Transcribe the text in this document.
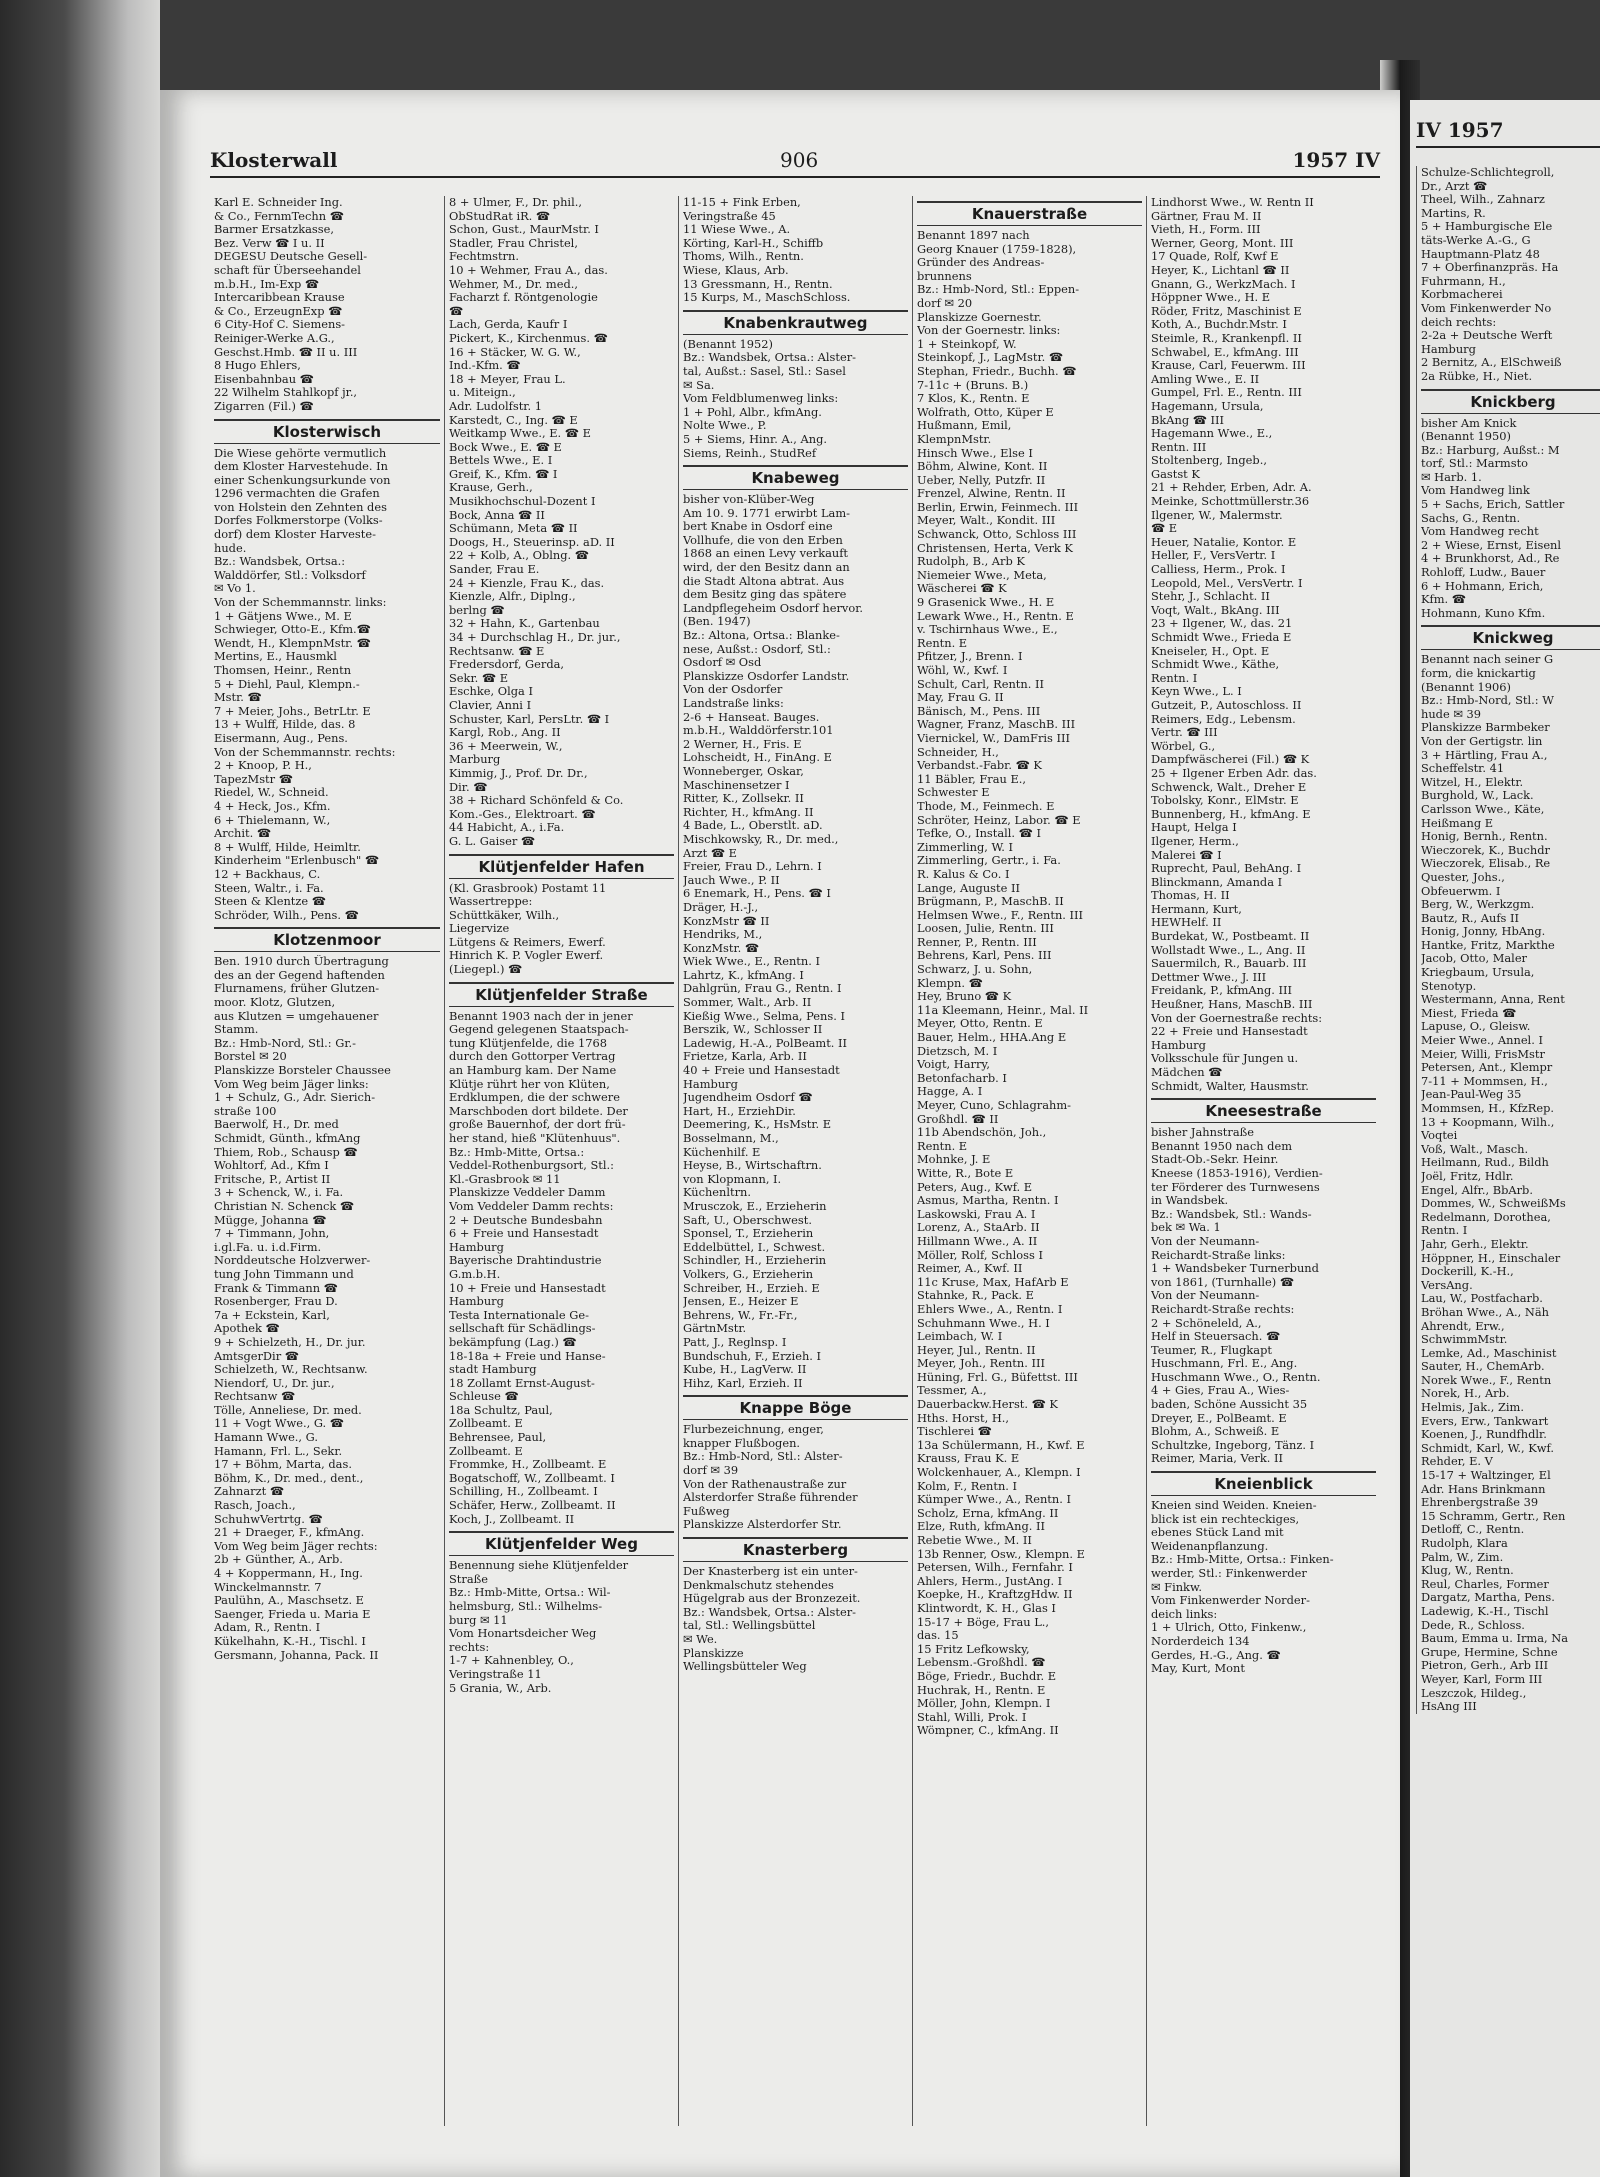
Klosterwall	906	1957 IV
Karl E. Schneider Ing.
& Co., FernmTechn ☎
Barmer Ersatzkasse,
Bez. Verw ☎ I u. II
DEGESU Deutsche Gesell-
schaft für Überseehandel
m.b.H., Im-Exp ☎
Intercaribbean Krause
& Co., ErzeugnExp ☎
6 City-Hof C. Siemens-
Reiniger-Werke A.G.,
Geschst.Hmb. ☎ II u. III
8 Hugo Ehlers,
Eisenbahnbau ☎
22 Wilhelm Stahlkopf jr.,
Zigarren (Fil.) ☎
Klosterwisch
Die Wiese gehörte vermutlich
dem Kloster Harvestehude. In
einer Schenkungsurkunde von
1296 vermachten die Grafen
von Holstein den Zehnten des
Dorfes Folkmerstorpe (Volks-
dorf) dem Kloster Harveste-
hude.
Bz.: Wandsbek, Ortsa.:
Walddörfer, Stl.: Volksdorf
✉ Vo 1.
Von der Schemmannstr. links:
1 + Gätjens Wwe., M. E
Schwieger, Otto-E., Kfm.☎
Wendt, H., KlempnMstr. ☎
Mertins, E., Hausmkl
Thomsen, Heinr., Rentn
5 + Diehl, Paul, Klempn.-
Mstr. ☎
7 + Meier, Johs., BetrLtr. E
13 + Wulff, Hilde, das. 8
Eisermann, Aug., Pens.
Von der Schemmannstr. rechts:
2 + Knoop, P. H.,
TapezMstr ☎
Riedel, W., Schneid.
4 + Heck, Jos., Kfm.
6 + Thielemann, W.,
Archit. ☎
8 + Wulff, Hilde, Heimltr.
Kinderheim "Erlenbusch" ☎
12 + Backhaus, C.
Steen, Waltr., i. Fa.
Steen & Klentze ☎
Schröder, Wilh., Pens. ☎
Klotzenmoor
Ben. 1910 durch Übertragung
des an der Gegend haftenden
Flurnamens, früher Glutzen-
moor. Klotz, Glutzen,
aus Klutzen = umgehauener
Stamm.
Bz.: Hmb-Nord, Stl.: Gr.-
Borstel ✉ 20
Planskizze Borsteler Chaussee
Vom Weg beim Jäger links:
1 + Schulz, G., Adr. Sierich-
straße 100
Baerwolf, H., Dr. med
Schmidt, Günth., kfmAng
Thiem, Rob., Schausp ☎
Wohltorf, Ad., Kfm I
Fritsche, P., Artist II
3 + Schenck, W., i. Fa.
Christian N. Schenck ☎
Mügge, Johanna ☎
7 + Timmann, John,
i.gl.Fa. u. i.d.Firm.
Norddeutsche Holzverwer-
tung John Timmann und
Frank & Timmann ☎
Rosenberger, Frau D.
7a + Eckstein, Karl,
Apothek ☎
9 + Schielzeth, H., Dr. jur.
AmtsgerDir ☎
Schielzeth, W., Rechtsanw.
Niendorf, U., Dr. jur.,
Rechtsanw ☎
Tölle, Anneliese, Dr. med.
11 + Vogt Wwe., G. ☎
Hamann Wwe., G.
Hamann, Frl. L., Sekr.
17 + Böhm, Marta, das.
Böhm, K., Dr. med., dent.,
Zahnarzt ☎
Rasch, Joach.,
SchuhwVertrtg. ☎
21 + Draeger, F., kfmAng.
Vom Weg beim Jäger rechts:
2b + Günther, A., Arb.
4 + Koppermann, H., Ing.
Winckelmannstr. 7
Paulühn, A., Maschsetz. E
Saenger, Frieda u. Maria E
Adam, R., Rentn. I
Kükelhahn, K.-H., Tischl. I
Gersmann, Johanna, Pack. II
8 + Ulmer, F., Dr. phil.,
ObStudRat iR. ☎
Schon, Gust., MaurMstr. I
Stadler, Frau Christel,
Fechtmstrn.
10 + Wehmer, Frau A., das.
Wehmer, M., Dr. med.,
Facharzt f. Röntgenologie
☎
Lach, Gerda, Kaufr I
Pickert, K., Kirchenmus. ☎
16 + Stäcker, W. G. W.,
Ind.-Kfm. ☎
18 + Meyer, Frau L.
u. Miteign.,
Adr. Ludolfstr. 1
Karstedt, C., Ing. ☎ E
Weitkamp Wwe., E. ☎ E
Bock Wwe., E. ☎ E
Bettels Wwe., E. I
Greif, K., Kfm. ☎ I
Krause, Gerh.,
Musikhochschul-Dozent I
Bock, Anna ☎ II
Schümann, Meta ☎ II
Doogs, H., Steuerinsp. aD. II
22 + Kolb, A., Oblng. ☎
Sander, Frau E.
24 + Kienzle, Frau K., das.
Kienzle, Alfr., Diplng.,
berlng ☎
32 + Hahn, K., Gartenbau
34 + Durchschlag H., Dr. jur.,
Rechtsanw. ☎ E
Fredersdorf, Gerda,
Sekr. ☎ E
Eschke, Olga I
Clavier, Anni I
Schuster, Karl, PersLtr. ☎ I
Kargl, Rob., Ang. II
36 + Meerwein, W.,
Marburg
Kimmig, J., Prof. Dr. Dr.,
Dir. ☎
38 + Richard Schönfeld & Co.
Kom.-Ges., Elektroart. ☎
44 Habicht, A., i.Fa.
G. L. Gaiser ☎
Klütjenfelder Hafen
(Kl. Grasbrook) Postamt 11
Wassertreppe:
Schüttkäker, Wilh.,
Liegervize
Lütgens & Reimers, Ewerf.
Hinrich K. P. Vogler Ewerf.
(Liegepl.) ☎
Klütjenfelder Straße
Benannt 1903 nach der in jener
Gegend gelegenen Staatspach-
tung Klütjenfelde, die 1768
durch den Gottorper Vertrag
an Hamburg kam. Der Name
Klütje rührt her von Klüten,
Erdklumpen, die der schwere
Marschboden dort bildete. Der
große Bauernhof, der dort frü-
her stand, hieß "Klütenhuus".
Bz.: Hmb-Mitte, Ortsa.:
Veddel-Rothenburgsort, Stl.:
Kl.-Grasbrook ✉ 11
Planskizze Veddeler Damm
Vom Veddeler Damm rechts:
2 + Deutsche Bundesbahn
6 + Freie und Hansestadt
Hamburg
Bayerische Drahtindustrie
G.m.b.H.
10 + Freie und Hansestadt
Hamburg
Testa Internationale Ge-
sellschaft für Schädlings-
bekämpfung (Lag.) ☎
18-18a + Freie und Hanse-
stadt Hamburg
18 Zollamt Ernst-August-
Schleuse ☎
18a Schultz, Paul,
Zollbeamt. E
Behrensee, Paul,
Zollbeamt. E
Frommke, H., Zollbeamt. E
Bogatschoff, W., Zollbeamt. I
Schilling, H., Zollbeamt. I
Schäfer, Herw., Zollbeamt. II
Koch, J., Zollbeamt. II
Klütjenfelder Weg
Benennung siehe Klütjenfelder
Straße
Bz.: Hmb-Mitte, Ortsa.: Wil-
helmsburg, Stl.: Wilhelms-
burg ✉ 11
Vom Honartsdeicher Weg
rechts:
1-7 + Kahnenbley, O.,
Veringstraße 11
5 Grania, W., Arb.
11-15 + Fink Erben,
Veringstraße 45
11 Wiese Wwe., A.
Körting, Karl-H., Schiffb
Thoms, Wilh., Rentn.
Wiese, Klaus, Arb.
13 Gressmann, H., Rentn.
15 Kurps, M., MaschSchloss.
Knabenkrautweg
(Benannt 1952)
Bz.: Wandsbek, Ortsa.: Alster-
tal, Außst.: Sasel, Stl.: Sasel
✉ Sa.
Vom Feldblumenweg links:
1 + Pohl, Albr., kfmAng.
Nolte Wwe., P.
5 + Siems, Hinr. A., Ang.
Siems, Reinh., StudRef
Knabeweg
bisher von-Klüber-Weg
Am 10. 9. 1771 erwirbt Lam-
bert Knabe in Osdorf eine
Vollhufe, die von den Erben
1868 an einen Levy verkauft
wird, der den Besitz dann an
die Stadt Altona abtrat. Aus
dem Besitz ging das spätere
Landpflegeheim Osdorf hervor.
(Ben. 1947)
Bz.: Altona, Ortsa.: Blanke-
nese, Außst.: Osdorf, Stl.:
Osdorf ✉ Osd
Planskizze Osdorfer Landstr.
Von der Osdorfer
Landstraße links:
2-6 + Hanseat. Bauges.
m.b.H., Walddörferstr.101
2 Werner, H., Fris. E
Lohscheidt, H., FinAng. E
Wonneberger, Oskar,
Maschinensetzer I
Ritter, K., Zollsekr. II
Richter, H., kfmAng. II
4 Bade, L., Oberstlt. aD.
Mischkowsky, R., Dr. med.,
Arzt ☎ E
Freier, Frau D., Lehrn. I
Jauch Wwe., P. II
6 Enemark, H., Pens. ☎ I
Dräger, H.-J.,
KonzMstr ☎ II
Hendriks, M.,
KonzMstr. ☎
Wiek Wwe., E., Rentn. I
Lahrtz, K., kfmAng. I
Dahlgrün, Frau G., Rentn. I
Sommer, Walt., Arb. II
Kießig Wwe., Selma, Pens. I
Berszik, W., Schlosser II
Ladewig, H.-A., PolBeamt. II
Frietze, Karla, Arb. II
40 + Freie und Hansestadt
Hamburg
Jugendheim Osdorf ☎
Hart, H., ErziehDir.
Deemering, K., HsMstr. E
Bosselmann, M.,
Küchenhilf. E
Heyse, B., Wirtschaftrn.
von Klopmann, I.
Küchenltrn.
Mrusczok, E., Erzieherin
Saft, U., Oberschwest.
Sponsel, T., Erzieherin
Eddelbüttel, I., Schwest.
Schindler, H., Erzieherin
Volkers, G., Erzieherin
Schreiber, H., Erzieh. E
Jensen, E., Heizer E
Behrens, W., Fr.-Fr.,
GärtnMstr.
Patt, J., Reglnsp. I
Bundschuh, F., Erzieh. I
Kube, H., LagVerw. II
Hihz, Karl, Erzieh. II
Knappe Böge
Flurbezeichnung, enger,
knapper Flußbogen.
Bz.: Hmb-Nord, Stl.: Alster-
dorf ✉ 39
Von der Rathenaustraße zur
Alsterdorfer Straße führender
Fußweg
Planskizze Alsterdorfer Str.
Knasterberg
Der Knasterberg ist ein unter-
Denkmalschutz stehendes
Hügelgrab aus der Bronzezeit.
Bz.: Wandsbek, Ortsa.: Alster-
tal, Stl.: Wellingsbüttel
✉ We.
Planskizze
Wellingsbütteler Weg
Knauerstraße
Benannt 1897 nach
Georg Knauer (1759-1828),
Gründer des Andreas-
brunnens
Bz.: Hmb-Nord, Stl.: Eppen-
dorf ✉ 20
Planskizze Goernestr.
Von der Goernestr. links:
1 + Steinkopf, W.
Steinkopf, J., LagMstr. ☎
Stephan, Friedr., Buchh. ☎
7-11c + (Bruns. B.)
7 Klos, K., Rentn. E
Wolfrath, Otto, Küper E
Hußmann, Emil,
KlempnMstr.
Hinsch Wwe., Else I
Böhm, Alwine, Kont. II
Ueber, Nelly, Putzfr. II
Frenzel, Alwine, Rentn. II
Berlin, Erwin, Feinmech. III
Meyer, Walt., Kondit. III
Schwanck, Otto, Schloss III
Christensen, Herta, Verk K
Rudolph, B., Arb K
Niemeier Wwe., Meta,
Wäscherei ☎ K
9 Grasenick Wwe., H. E
Lewark Wwe., H., Rentn. E
v. Tschirnhaus Wwe., E.,
Rentn. E
Pfitzer, J., Brenn. I
Wöhl, W., Kwf. I
Schult, Carl, Rentn. II
May, Frau G. II
Bänisch, M., Pens. III
Wagner, Franz, MaschB. III
Viernickel, W., DamFris III
Schneider, H.,
Verbandst.-Fabr. ☎ K
11 Bäbler, Frau E.,
Schwester E
Thode, M., Feinmech. E
Schröter, Heinz, Labor. ☎ E
Tefke, O., Install. ☎ I
Zimmerling, W. I
Zimmerling, Gertr., i. Fa.
R. Kalus & Co. I
Lange, Auguste II
Brügmann, P., MaschB. II
Helmsen Wwe., F., Rentn. III
Loosen, Julie, Rentn. III
Renner, P., Rentn. III
Behrens, Karl, Pens. III
Schwarz, J. u. Sohn,
Klempn. ☎
Hey, Bruno ☎ K
11a Kleemann, Heinr., Mal. II
Meyer, Otto, Rentn. E
Bauer, Helm., HHA.Ang E
Dietzsch, M. I
Voigt, Harry,
Betonfacharb. I
Hagge, A. I
Meyer, Cuno, Schlagrahm-
Großhdl. ☎ II
11b Abendschön, Joh.,
Rentn. E
Mohnke, J. E
Witte, R., Bote E
Peters, Aug., Kwf. E
Asmus, Martha, Rentn. I
Laskowski, Frau A. I
Lorenz, A., StaArb. II
Hillmann Wwe., A. II
Möller, Rolf, Schloss I
Reimer, A., Kwf. II
11c Kruse, Max, HafArb E
Stahnke, R., Pack. E
Ehlers Wwe., A., Rentn. I
Schuhmann Wwe., H. I
Leimbach, W. I
Heyer, Jul., Rentn. II
Meyer, Joh., Rentn. III
Hüning, Frl. G., Büfettst. III
Tessmer, A.,
Dauerbackw.Herst. ☎ K
Hths. Horst, H.,
Tischlerei ☎
13a Schülermann, H., Kwf. E
Krauss, Frau K. E
Wolckenhauer, A., Klempn. I
Kolm, F., Rentn. I
Kümper Wwe., A., Rentn. I
Scholz, Erna, kfmAng. II
Elze, Ruth, kfmAng. II
Rebetie Wwe., M. II
13b Renner, Osw., Klempn. E
Petersen, Wilh., Fernfahr. I
Ahlers, Herm., JustAng. I
Koepke, H., KraftzgHdw. II
Klintwordt, K. H., Glas I
15-17 + Böge, Frau L.,
das. 15
15 Fritz Lefkowsky,
Lebensm.-Großhdl. ☎
Böge, Friedr., Buchdr. E
Huchrak, H., Rentn. E
Möller, John, Klempn. I
Stahl, Willi, Prok. I
Wömpner, C., kfmAng. II
Lindhorst Wwe., W. Rentn II
Gärtner, Frau M. II
Vieth, H., Form. III
Werner, Georg, Mont. III
17 Quade, Rolf, Kwf E
Heyer, K., Lichtanl ☎ II
Gnann, G., WerkzMach. I
Höppner Wwe., H. E
Röder, Fritz, Maschinist E
Koth, A., Buchdr.Mstr. I
Steimle, R., Krankenpfl. II
Schwabel, E., kfmAng. III
Krause, Carl, Feuerwm. III
Amling Wwe., E. II
Gumpel, Frl. E., Rentn. III
Hagemann, Ursula,
BkAng ☎ III
Hagemann Wwe., E.,
Rentn. III
Stoltenberg, Ingeb.,
Gastst K
21 + Rehder, Erben, Adr. A.
Meinke, Schottmüllerstr.36
Ilgener, W., Malermstr.
☎ E
Heuer, Natalie, Kontor. E
Heller, F., VersVertr. I
Calliess, Herm., Prok. I
Leopold, Mel., VersVertr. I
Stehr, J., Schlacht. II
Voqt, Walt., BkAng. III
23 + Ilgener, W., das. 21
Schmidt Wwe., Frieda E
Kneiseler, H., Opt. E
Schmidt Wwe., Käthe,
Rentn. I
Keyn Wwe., L. I
Gutzeit, P., Autoschloss. II
Reimers, Edg., Lebensm.
Vertr. ☎ III
Wörbel, G.,
Dampfwäscherei (Fil.) ☎ K
25 + Ilgener Erben Adr. das.
Schwenck, Walt., Dreher E
Tobolsky, Konr., ElMstr. E
Bunnenberg, H., kfmAng. E
Haupt, Helga I
Ilgener, Herm.,
Malerei ☎ I
Ruprecht, Paul, BehAng. I
Blinckmann, Amanda I
Thomas, H. II
Hermann, Kurt,
HEWHelf. II
Burdekat, W., Postbeamt. II
Wollstadt Wwe., L., Ang. II
Sauermilch, R., Bauarb. III
Dettmer Wwe., J. III
Freidank, P., kfmAng. III
Heußner, Hans, MaschB. III
Von der Goernestraße rechts:
22 + Freie und Hansestadt
Hamburg
Volksschule für Jungen u.
Mädchen ☎
Schmidt, Walter, Hausmstr.
Kneesestraße
bisher Jahnstraße
Benannt 1950 nach dem
Stadt-Ob.-Sekr. Heinr.
Kneese (1853-1916), Verdien-
ter Förderer des Turnwesens
in Wandsbek.
Bz.: Wandsbek, Stl.: Wands-
bek ✉ Wa. 1
Von der Neumann-
Reichardt-Straße links:
1 + Wandsbeker Turnerbund
von 1861, (Turnhalle) ☎
Von der Neumann-
Reichardt-Straße rechts:
2 + Schöneleld, A.,
Helf in Steuersach. ☎
Teumer, R., Flugkapt
Huschmann, Frl. E., Ang.
Huschmann Wwe., O., Rentn.
4 + Gies, Frau A., Wies-
baden, Schöne Aussicht 35
Dreyer, E., PolBeamt. E
Blohm, A., Schweiß. E
Schultzke, Ingeborg, Tänz. I
Reimer, Maria, Verk. II
Kneienblick
Kneien sind Weiden. Kneien-
blick ist ein rechteckiges,
ebenes Stück Land mit
Weidenanpflanzung.
Bz.: Hmb-Mitte, Ortsa.: Finken-
werder, Stl.: Finkenwerder
✉ Finkw.
Vom Finkenwerder Norder-
deich links:
1 + Ulrich, Otto, Finkenw.,
Norderdeich 134
Gerdes, H.-G., Ang. ☎
May, Kurt, Mont
IV 1957
Schulze-Schlichtegroll,
Dr., Arzt ☎
Theel, Wilh., Zahnarz
Martins, R.
5 + Hamburgische Ele
täts-Werke A.-G., G
Hauptmann-Platz 48
7 + Oberfinanzpräs. Ha
Fuhrmann, H.,
Korbmacherei
Vom Finkenwerder No
deich rechts:
2-2a + Deutsche Werft
Hamburg
2 Bernitz, A., ElSchweiß
2a Rübke, H., Niet.
Knickberg
bisher Am Knick
(Benannt 1950)
Bz.: Harburg, Außst.: M
torf, Stl.: Marmsto
✉ Harb. 1.
Vom Handweg link
5 + Sachs, Erich, Sattler
Sachs, G., Rentn.
Vom Handweg recht
2 + Wiese, Ernst, Eisenl
4 + Brunkhorst, Ad., Re
Rohloff, Ludw., Bauer
6 + Hohmann, Erich,
Kfm. ☎
Hohmann, Kuno Kfm.
Knickweg
Benannt nach seiner G
form, die knickartig
(Benannt 1906)
Bz.: Hmb-Nord, Stl.: W
hude ✉ 39
Planskizze Barmbeker
Von der Gertigstr. lin
3 + Härtling, Frau A.,
Scheffelstr. 41
Witzel, H., Elektr.
Burghold, W., Lack.
Carlsson Wwe., Käte,
Heißmang E
Honig, Bernh., Rentn.
Wieczorek, K., Buchdr
Wieczorek, Elisab., Re
Quester, Johs.,
Obfeuerwm. I
Berg, W., Werkzgm.
Bautz, R., Aufs II
Honig, Jonny, HbAng.
Hantke, Fritz, Markthe
Jacob, Otto, Maler
Kriegbaum, Ursula,
Stenotyp.
Westermann, Anna, Rent
Miest, Frieda ☎
Lapuse, O., Gleisw.
Meier Wwe., Annel. I
Meier, Willi, FrisMstr
Petersen, Ant., Klempr
7-11 + Mommsen, H.,
Jean-Paul-Weg 35
Mommsen, H., KfzRep.
13 + Koopmann, Wilh.,
Voqtei
Voß, Walt., Masch.
Heilmann, Rud., Bildh
Joël, Fritz, Hdlr.
Engel, Alfr., BbArb.
Dommes, W., SchweißMs
Redelmann, Dorothea,
Rentn. I
Jahr, Gerh., Elektr.
Höppner, H., Einschaler
Dockerill, K.-H.,
VersAng.
Lau, W., Postfacharb.
Bröhan Wwe., A., Näh
Ahrendt, Erw.,
SchwimmMstr.
Lemke, Ad., Maschinist
Sauter, H., ChemArb.
Norek Wwe., F., Rentn
Norek, H., Arb.
Helmis, Jak., Zim.
Evers, Erw., Tankwart
Koenen, J., Rundfhdlr.
Schmidt, Karl, W., Kwf.
Rehder, E. V
15-17 + Waltzinger, El
Adr. Hans Brinkmann
Ehrenbergstraße 39
15 Schramm, Gertr., Ren
Detloff, C., Rentn.
Rudolph, Klara
Palm, W., Zim.
Klug, W., Rentn.
Reul, Charles, Former
Dargatz, Martha, Pens.
Ladewig, K.-H., Tischl
Dede, R., Schloss.
Baum, Emma u. Irma, Na
Grupe, Hermine, Schne
Pietron, Gerh., Arb III
Weyer, Karl, Form III
Leszczok, Hildeg.,
HsAng III
